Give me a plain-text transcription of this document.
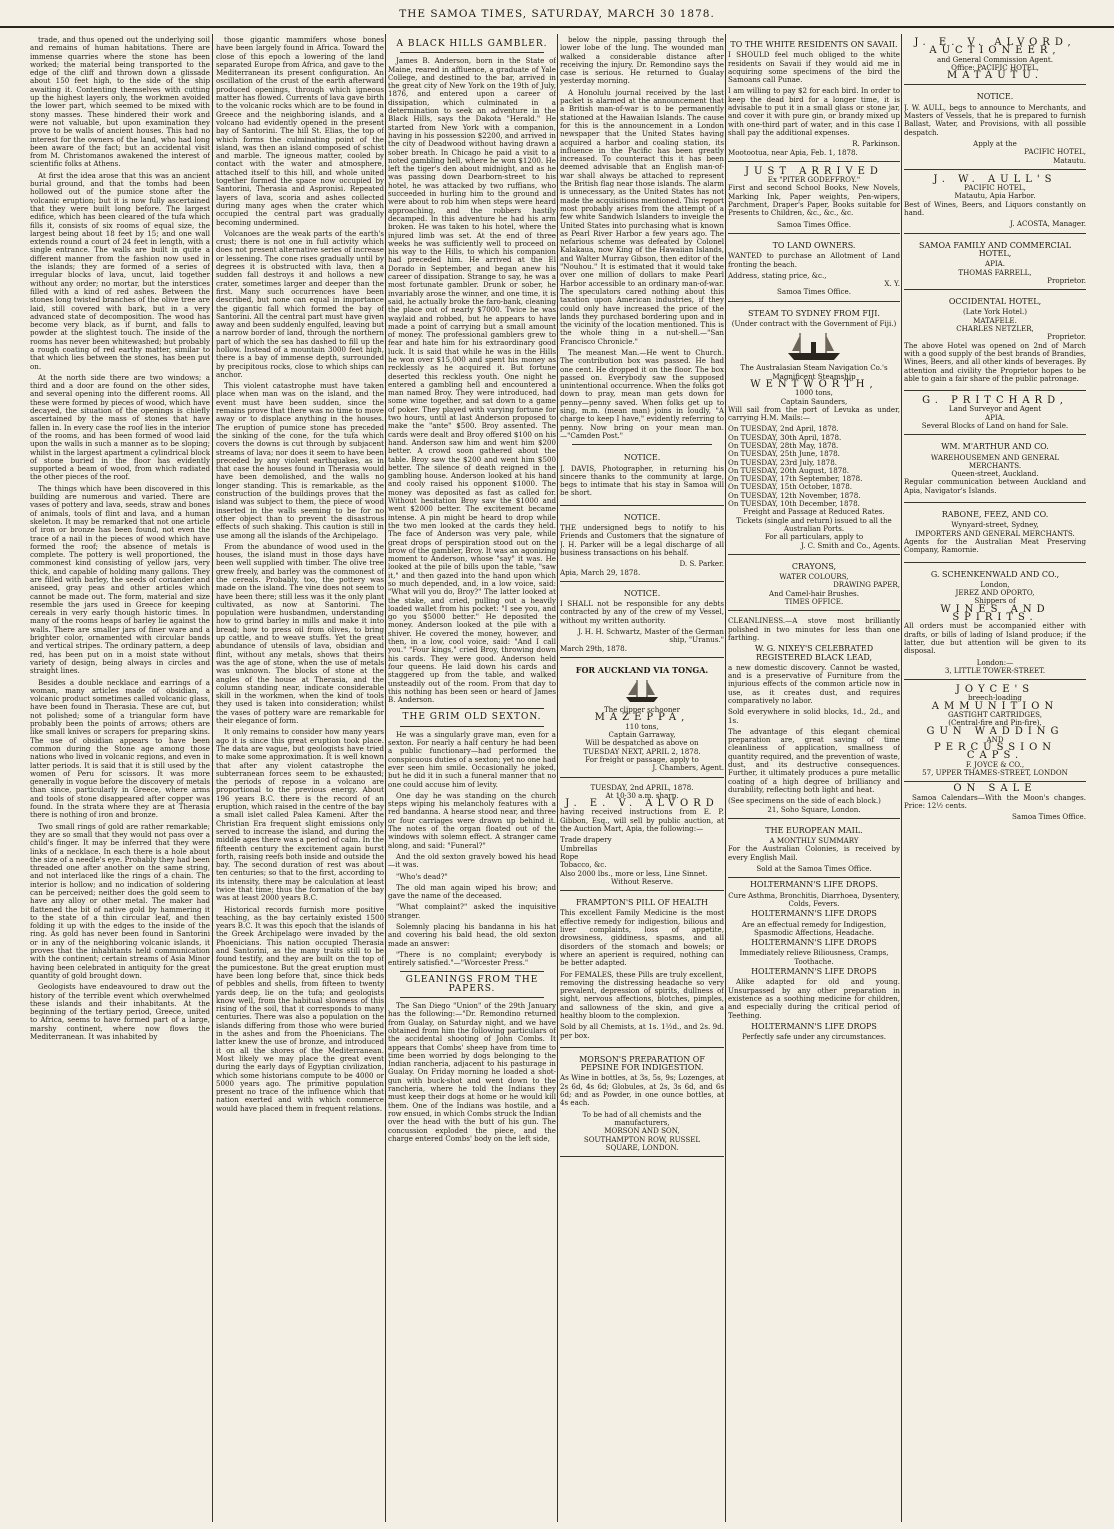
THE SAMOA TIMES, SATURDAY, MARCH 30 1878.

trade, and thus opened out the underlying soil and remains of human habitations. There are immense quarries where the stone has been worked; the material being transported to the edge of the cliff and thrown down a glissade about 150 feet high, to the side of the ship awaiting it. Contenting themselves with cutting up the highest layers only, the workmen avoided the lower part, which seemed to be mixed with stony masses. These hindered their work and were not valuable, but upon examination they prove to be walls of ancient houses. This had no interest for the owners of the land, who had long been aware of the fact; but an accidental visit from M. Christomanos awakened the interest of scientific folks at Athens.

At first the idea arose that this was an ancient burial ground, and that the tombs had been hollowed out of the pumice stone after the volcanic eruption; but it is now fully ascertained that they were built long before. The largest edifice, which has been cleared of the tufa which fills it, consists of six rooms of equal size, the largest being about 18 feet by 15; and one wall extends round a court of 24 feet in length, with a single entrance. The walls are built in quite a different manner from the fashion now used in the islands; they are formed of a series of irregular blocks of lava, uncut, laid together without any order; no mortar, but the interstices filled with a kind of red ashes. Between the stones long twisted branches of the olive tree are laid, still covered with bark, but in a very advanced state of decomposition. The wood has become very black, as if burnt, and falls to powder at the slightest touch. The inside of the rooms has never been whitewashed; but probably a rough coating of red earthy matter, similar to that which lies between the stones, has been put on.

At the north side there are two windows; a third and a door are found on the other sides, and several opening into the different rooms. All these were formed by pieces of wood, which have decayed, the situation of the openings is chiefly ascertained by the mass of stones that have fallen in. In every case the roof lies in the interior of the rooms, and has been formed of wood laid upon the walls in such a manner as to be sloping; whilst in the largest apartment a cylindrical block of stone buried in the floor has evidently supported a beam of wood, from which radiated the other pieces of the roof.

The things which have been discovered in this building are numerous and varied. There are vases of pottery and lava, seeds, straw and bones of animals, tools of flint and lava, and a human skeleton. It may be remarked that not one article of iron or bronze has been found, not even the trace of a nail in the pieces of wood which have formed the roof; the absence of metals is complete. The pottery is well proportioned, the commonest kind consisting of yellow jars, very thick, and capable of holding many gallons. They are filled with barley, the seeds of coriander and aniseed, gray peas and other articles which cannot be made out. The form, material and size resemble the jars used in Greece for keeping cereals in very early though historic times. In many of the rooms heaps of barley lie against the walls. There are smaller jars of finer ware and a brighter color, ornamented with circular bands and vertical stripes. The ordinary pattern, a deep red, has been put on in a moist state without variety of design, being always in circles and straight lines.

Besides a double necklace and earrings of a woman, many articles made of obsidian, a volcanic product sometimes called volcanic glass, have been found in Therasia. These are cut, but not polished; some of a triangular form have probably been the points of arrows; others are like small knives or scrapers for preparing skins. The use of obsidian appears to have been common during the Stone age among those nations who lived in volcanic regions, and even in latter periods. It is said that it is still used by the women of Peru for scissors. It was more generally in vogue before the discovery of metals than since, particularly in Greece, where arms and tools of stone disappeared after copper was found. In the strata where they are at Therasia there is nothing of iron and bronze.

Two small rings of gold are rather remarkable; they are so small that they would not pass over a child's finger. It may be inferred that they were links of a necklace. In each there is a hole about the size of a needle's eye. Probably they had been threaded one after another on the same string, and not interlaced like the rings of a chain. The interior is hollow; and no indication of soldering can be perceived; neither does the gold seem to have any alloy or other metal. The maker had flattened the bit of native gold by hammering it to the state of a thin circular leaf, and then folding it up with the edges to the inside of the ring. As gold has never been found in Santorini or in any of the neighboring volcanic islands, it proves that the inhabitants held communication with the continent; certain streams of Asia Minor having been celebrated in antiquity for the great quantity of gold brought down.

Geologists have endeavoured to draw out the history of the terrible event which overwhelmed these islands and their inhabitants. At the beginning of the tertiary period, Greece, united to Africa, seems to have formed part of a large, marshy continent, where now flows the Mediterranean. It was inhabited by

those gigantic mammifers whose bones have been largely found in Africa. Toward the close of this epoch a lowering of the land separated Europe from Africa, and gave to the Mediterranean its present configuration. An oscillation of the crust of the earth afterward produced openings, through which igneous matter has flowed. Currents of lava gave birth to the volcanic rocks which are to be found in Greece and the neighboring islands, and a volcano had evidently opened in the present bay of Santorini. The hill St. Elias, the top of which forms the culminating point of the island, was then an island composed of schist and marble. The igneous matter, cooled by contact with the water and atmosphere, attached itself to this hill, and whole united together formed the space now occupied by Santorini, Therasia and Aspronisi. Repeated layers of lava, scoria and ashes collected during many ages when the crater which occupied the central part was gradually becoming undermined.

Volcanoes are the weak parts of the earth's crust; there is not one in full activity which does not present alternative series of increase or lessening. The cone rises gradually until by degrees it is obstructed with lava, then a sudden fall destroys it and hollows a new crater, sometimes larger and deeper than the first. Many such occurrences have been described, but none can equal in importance the gigantic fall which formed the bay of Santorini. All the central part must have given away and been suddenly engulfed, leaving but a narrow border of land, through the northern part of which the sea has dashed to fill up the hollow. Instead of a mountain 3000 feet high, there is a bay of immense depth, surrounded by precipitous rocks, close to which ships can anchor.

This violent catastrophe must have taken place when man was on the island, and the event must have been sudden, since the remains prove that there was no time to move away or to displace anything in the houses. The eruption of pumice stone has preceded the sinking of the cone, for the tufa which covers the downs is cut through by subjacent streams of lava; nor does it seem to have been preceded by any violent earthquakes, as in that case the houses found in Therasia would have been demolished, and the walls no longer standing. This is remarkable, as the construction of the buildings proves that the island was subject to them, the piece of wood inserted in the walls seeming to be for no other object than to prevent the disastrous effects of such shaking. This caution is still in use among all the islands of the Archipelago.

From the abundance of wood used in the houses, the island must in those days have been well supplied with timber. The olive tree grew freely, and barley was the commonest of the cereals. Probably, too, the pottery was made on the island. The vine does not seem to have been there; still less was it the only plant cultivated, as now at Santorini. The population were husbandmen, understanding how to grind barley in mills and make it into bread; how to press oil from olives, to bring up cattle, and to weave stuffs. Yet the great abundance of utensils of lava, obsidian and flint, without any metals, shows that theirs was the age of stone, when the use of metals was unknown. The blocks of stone at the angles of the house at Therasia, and the column standing near, indicate considerable skill in the workmen, when the kind of tools they used is taken into consideration; whilst the vases of pottery ware are remarkable for their elegance of form.

It only remains to consider how many years ago it is since this great eruption took place. The data are vague, but geologists have tried to make some approximation. It is well known that after any violent catastrophe the subterranean forces seem to be exhausted; the periods of repose in a volcano are proportional to the previous energy. About 196 years B.C. there is the record of an eruption, which raised in the centre of the bay a small islet called Palea Kameni. After the Christian Era frequent slight emissions only served to increase the island, and during the middle ages there was a period of calm. In the fifteenth century the excitement again burst forth, raising reefs both inside and outside the bay. The second duration of rest was about ten centuries; so that to the first, according to its intensity, there may be calculation at least twice that time; thus the formation of the bay was at least 2000 years B.C.

Historical records furnish more positive teaching, as the bay certainly existed 1500 years B.C. It was this epoch that the islands of the Greek Archipelago were invaded by the Phoenicians. This nation occupied Therasia and Santorini, as the many traits still to be found testify, and they are built on the top of the pumicestone. But the great eruption must have been long before that, since thick beds of pebbles and shells, from fifteen to twenty yards deep, lie on the tufa; and geologists know well, from the habitual slowness of this rising of the soil, that it corresponds to many centuries. There was also a population on the islands differing from those who were buried in the ashes and from the Phoenicians. The latter knew the use of bronze, and introduced it on all the shores of the Mediterranean. Most likely we may place the great event during the early days of Egyptian civilization, which some historians compute to be 4000 or 5000 years ago. The primitive population present no trace of the influence which that nation exerted and with which commerce would have placed them in frequent relations.

A BLACK HILLS GAMBLER.

James B. Anderson, born in the State of Maine, reared in affluence, a graduate of Yale College, and destined to the bar, arrived in the great city of New York on the 19th of July, 1876, and entered upon a career of dissipation, which culminated in a determination to seek an adventure in the Black Hills, says the Dakota "Herald." He started from New York with a companion, having in his possession $2200, and arrived in the city of Deadwood without having drawn a sober breath. In Chicago he paid a visit to a noted gambling hell, where he won $1200. He left the tiger's den about midnight, and as he was passing down Dearborn-street to his hotel, he was attacked by two ruffians, who succeeded in hurling him to the ground and were about to rob him when steps were heard approaching, and the robbers hastily decamped. In this adventure he had his arm broken. He was taken to his hotel, where the injured limb was set. At the end of three weeks he was sufficiently well to proceed on his way to the Hills, to which his companion had preceded him. He arrived at the El Dorado in September, and began anew his career of dissipation. Strange to say, he was a most fortunate gambler. Drunk or sober, he invariably arose the winner, and one time, it is said, he actually broke the faro-bank, cleaning the place out of nearly $7000. Twice he was waylaid and robbed, but he appears to have made a point of carrying but a small amount of money. The professional gamblers grew to fear and hate him for his extraordinary good luck. It is said that while he was in the Hills he won over $15,000 and spent his money as recklessly as he acquired it. But fortune deserted this reckless youth. One night he entered a gambling hell and encountered a man named Broy. They were introduced, had some wine together, and sat down to a game of poker. They played with varying fortune for two hours, until at last Anderson proposed to make the "ante" $500. Broy assented. The cards were dealt and Broy offered $100 on his hand. Anderson saw him and went him $200 better. A crowd soon gathered about the table. Broy saw the $200 and went him $500 better. The silence of death reigned in the gambling house. Anderson looked at his hand and cooly raised his opponent $1000. The money was deposited as fast as called for. Without hesitation Broy saw the $1000 and went $2000 better. The excitement became intense. A pin might be heard to drop while the two men looked at the cards they held. The face of Anderson was very pale, while great drops of perspiration stood out on the brow of the gambler, Broy. It was an agonizing moment to Anderson, whose "say" it was. He looked at the pile of bills upon the table, "saw it," and then gazed into the hand upon which so much depended, and, in a low voice, said: "What will you do, Broy?" The latter looked at the stake, and cried, pulling out a heavily loaded wallet from his pocket: "I see you, and go you $5000 better." He deposited the money. Anderson looked at the pile with a shiver. He covered the money, however, and then, in a low, cool voice, said: "And I call you." "Four kings," cried Broy, throwing down his cards. They were good. Anderson held four queens. He laid down his cards and staggered up from the table, and walked unsteadily out of the room. From that day to this nothing has been seen or heard of James B. Anderson.

THE GRIM OLD SEXTON.

He was a singularly grave man, even for a sexton. For nearly a half century he had been a public functionary—had performed the conspicuous duties of a sexton; yet no one had ever seen him smile. Occasionally he joked, but he did it in such a funeral manner that no one could accuse him of levity.

One day he was standing on the church steps wiping his melancholy features with a red bandanna. A hearse stood near, and three or four carriages were drawn up behind it. The notes of the organ floated out of the windows with solemn effect. A stranger came along, and said: "Funeral?"

And the old sexton gravely bowed his head—it was.

"Who's dead?"

The old man again wiped his brow; and gave the name of the deceased.

"What complaint?" asked the inquisitive stranger.

Solemnly placing his bandanna in his hat and covering his bald head, the old sexton made an answer:

"There is no complaint; everybody is entirely satisfied."—"Worcester Press."

GLEANINGS FROM THE PAPERS.

The San Diego "Union" of the 29th January has the following:—"Dr. Remondino returned from Gualay, on Saturday night, and we have obtained from him the following particulars of the accidental shooting of John Combs. It appears that Combs' sheep have from time to time been worried by dogs belonging to the Indian rancheria, adjacent to his pasturage in Gualay. On Friday morning he loaded a shot-gun with buck-shot and went down to the rancheria, where he told the Indians they must keep their dogs at home or he would kill them. One of the Indians was hostile, and a row ensued, in which Combs struck the Indian over the head with the butt of his gun. The concussion exploded the piece, and the charge entered Combs' body on the left side,

below the nipple, passing through the lower lobe of the lung. The wounded man walked a considerable distance after receiving the injury. Dr. Remondino says the case is serious. He returned to Gualay yesterday morning.

A Honolulu journal received by the last packet is alarmed at the announcement that a British man-of-war is to be permanently stationed at the Hawaiian Islands. The cause for this is the announcement in a London newspaper that the United States having acquired a harbor and coaling station, its influence in the Pacific has been greatly increased. To counteract this it has been deemed advisable that an English man-of-war shall always be attached to represent the British flag near those islands. The alarm is unnecessary, as the United States has not made the acquisitions mentioned. This report most probably arises from the attempt of a few white Sandwich Islanders to inveigle the United States into purchasing what is known as Pearl River Harbor a few years ago. The nefarious scheme was defeated by Colonel Kalakaua, now King of the Hawaiian Islands, and Walter Murray Gibson, then editor of the "Nouhou." It is estimated that it would take over one million of dollars to make Pearl Harbor accessible to an ordinary man-of-war. The speculators cared nothing about this taxation upon American industries, if they could only have increased the price of the lands they purchased bordering upon and in the vicinity of the location mentioned. This is the whole thing in a nut-shell.—"San Francisco Chronicle."

The meanest Man.—He went to Church. The contribution box was passed. He had one cent. He dropped it on the floor. The box passed on. Everybody saw the supposed unintentional occurrence. When the folks got down to pray, mean man gets down for penny—penny saved. When folks get up to sing, m.m. (mean man) joins in loudly, "A charge to keep I have," evidently referring to penny. Now bring on your mean man.—"Camden Post."

NOTICE.

J. DAVIS, Photographer, in returning his sincere thanks to the community at large, begs to intimate that his stay in Samoa will be short.

NOTICE.

THE undersigned begs to notify to his Friends and Customers that the signature of J. H. Parker will be a legal discharge of all business transactions on his behalf.

D. S. Parker.
Apia, March 29, 1878.
NOTICE.

I SHALL not be responsible for any debts contracted by any of the crew of my Vessel, without my written authority.

J. H. H. Schwartz, Master of the German ship, "Uranus."
March 29th, 1878.
FOR AUCKLAND VIA TONGA.
The clipper schooner
MAZEPPA,
110 tons,
Captain Garraway,
Will be despatched as above on
TUESDAY NEXT, APRIL 2, 1878.
For freight or passage, apply to
J. Chambers, Agent.
TUESDAY, 2nd APRIL, 1878.
At 10·30 a.m. sharp.
J. E. V. ALVORD

having received instructions from E. P. Gibbon, Esq., will sell by public auction, at the Auction Mart, Apia, the following:—

Trade drapery
Umbrellas
Rope
Tobacco, &c.
Also 2000 lbs., more or less, Line Sinnet.
Without Reserve.
FRAMPTON'S PILL OF HEALTH

This excellent Family Medicine is the most effective remedy for indigestion, bilious and liver complaints, loss of appetite, drowsiness, giddiness, spasms, and all disorders of the stomach and bowels; or where an aperient is required, nothing can be better adapted.

For FEMALES, these Pills are truly excellent, removing the distressing headache so very prevalent, depression of spirits, dullness of sight, nervous affections, blotches, pimples, and sallowness of the skin, and give a healthy bloom to the complexion.

Sold by all Chemists, at 1s. 1½d., and 2s. 9d. per box.

MORSON'S PREPARATION OF PEPSINE FOR INDIGESTION.

As Wine in bottles, at 3s, 5s, 9s; Lozenges, at 2s 6d, 4s 6d; Globules, at 2s, 3s 6d, and 6s 6d; and as Powder, in one ounce bottles, at 4s each.

To be had of all chemists and the manufacturers,
MORSON AND SON,
SOUTHAMPTON ROW, RUSSEL
SQUARE, LONDON.
TO THE WHITE RESIDENTS ON SAVAII.

I SHOULD feel much obliged to the white residents on Savaii if they would aid me in acquiring some specimens of the bird the Samoans call Punae.

I am willing to pay $2 for each bird. In order to keep the dead bird for a longer time, it is advisable to put it in a small glass or stone jar, and cover it with pure gin, or brandy mixed up with one-third part of water, and in this case I shall pay the additional expenses.

R. Parkinson.
Mootootua, near Apia, Feb. 1, 1878.
JUST ARRIVED
Ex "PITER GODEFFROY."

First and second School Books, New Novels, Marking Ink, Paper weights, Pen-wipers, Parchment, Draper's Paper, Books suitable for Presents to Children, &c., &c., &c.

Samoa Times Office.
TO LAND OWNERS.

WANTED to purchase an Allotment of Land fronting the beach.

Address, stating price, &c.,
X. Y.
Samoa Times Office.
STEAM TO SYDNEY FROM FIJI.
(Under contract with the Government of Fiji.)
The Australasian Steam Navigation Co.'s Magnificent Steamship
WENTWORTH,
1000 tons,
Captain Saunders,

Will sail from the port of Levuka as under, carrying H.M. Mails:—

On TUESDAY, 2nd April, 1878.
On TUESDAY, 30th April, 1878.
On TUESDAY, 28th May, 1878.
On TUESDAY, 25th June, 1878.
On TUESDAY, 23rd July, 1878.
On TUESDAY, 20th August, 1878.
On TUESDAY, 17th September, 1878.
On TUESDAY, 15th October, 1878.
On TUESDAY, 12th November, 1878.
On TUESDAY, 10th December, 1878.
Freight and Passage at Reduced Rates.
Tickets (single and return) issued to all the Australian Ports.
For all particulars, apply to
J. C. Smith and Co., Agents.
CRAYONS,
WATER COLOURS,
DRAWING PAPER,
And Camel-hair Brushes.
TIMES OFFICE.

CLEANLINESS.—A stove most brilliantly polished in two minutes for less than one farthing.

W. G. NIXEY'S CELEBRATED REGISTERED BLACK LEAD,

a new domestic discovery. Cannot be wasted, and is a preservative of Furniture from the injurious effects of the common article now in use, as it creates dust, and requires comparatively no labor.

Sold everywhere in solid blocks, 1d., 2d., and 1s.

The advantage of this elegant chemical preparation are, great saving of time cleanliness of application, smallness of quantity required, and the prevention of waste, dust, and its destructive consequences. Further, it ultimately produces a pure metallic coating of a high degree of brilliancy and durability, reflecting both light and heat.

(See specimens on the side of each block.)
21, Soho Square, London.
THE EUROPEAN MAIL.
A MONTHLY SUMMARY

For the Australian Colonies, is received by every English Mail.

Sold at the Samoa Times Office.
HOLTERMANN'S LIFE DROPS.
Cure Asthma, Bronchitis, Diarrhoea, Dysentery, Colds, Fevers.
HOLTERMANN'S LIFE DROPS
Are an effectual remedy for Indigestion, Spasmodic Affections, Headache.
HOLTERMANN'S LIFE DROPS
Immediately relieve Biliousness, Cramps, Toothache.
HOLTERMANN'S LIFE DROPS

Alike adapted for old and young. Unsurpassed by any other preparation in existence as a soothing medicine for children, and especially during the critical period of Teething.

HOLTERMANN'S LIFE DROPS
Perfectly safe under any circumstances.
J. E. V. ALVORD,
AUCTIONEER,
and General Commission Agent.
Office: PACIFIC HOTEL,
MATAUTU.
NOTICE.

J. W. AULL, begs to announce to Merchants, and Masters of Vessels, that he is prepared to furnish Ballast, Water, and Provisions, with all possible despatch.

Apply at the
PACIFIC HOTEL,
Matautu.
J. W. AULL'S
PACIFIC HOTEL,
Matautu, Apia Harbor.

Best of Wines, Beers, and Liquors constantly on hand.

J. ACOSTA, Manager.
SAMOA FAMILY AND COMMERCIAL HOTEL,
APIA.
THOMAS FARRELL,
Proprietor.
OCCIDENTAL HOTEL,
(Late York Hotel.)
MATAFELE.
CHARLES NETZLER,
Proprietor.

The above Hotel was opened on 2nd of March with a good supply of the best brands of Brandies, Wines, Beers, and all other kinds of beverages. By attention and civility the Proprietor hopes to be able to gain a fair share of the public patronage.

G. PRITCHARD,
Land Surveyor and Agent
APIA.
Several Blocks of Land on hand for Sale.
WM. M'ARTHUR AND CO.
WAREHOUSEMEN AND GENERAL MERCHANTS.
Queen-street, Auckland.

Regular communication between Auckland and Apia, Navigator's Islands.

RABONE, FEEZ, AND CO.
Wynyard-street, Sydney,
IMPORTERS AND GENERAL MERCHANTS.

Agents for the Australian Meat Preserving Company, Ramornie.

G. SCHENKENWALD AND CO.,
London,
JEREZ AND OPORTO,
Shippers of
WINES AND SPIRITS.

All orders must be accompanied either with drafts, or bills of lading of Island produce; if the latter, due but attention will be given to its disposal.

London:—
3, LITTLE TOWER-STREET.
JOYCE'S
breech-loading
AMMUNITION
GASTIGHT CARTRIDGES,
(Central-fire and Pin-fire),
GUN WADDING
AND
PERCUSSION CAPS.
F. JOYCE & CO.,
57, UPPER THAMES-STREET, LONDON
ON SALE

Samoa Calendars—With the Moon's changes. Price: 12½ cents.

Samoa Times Office.
